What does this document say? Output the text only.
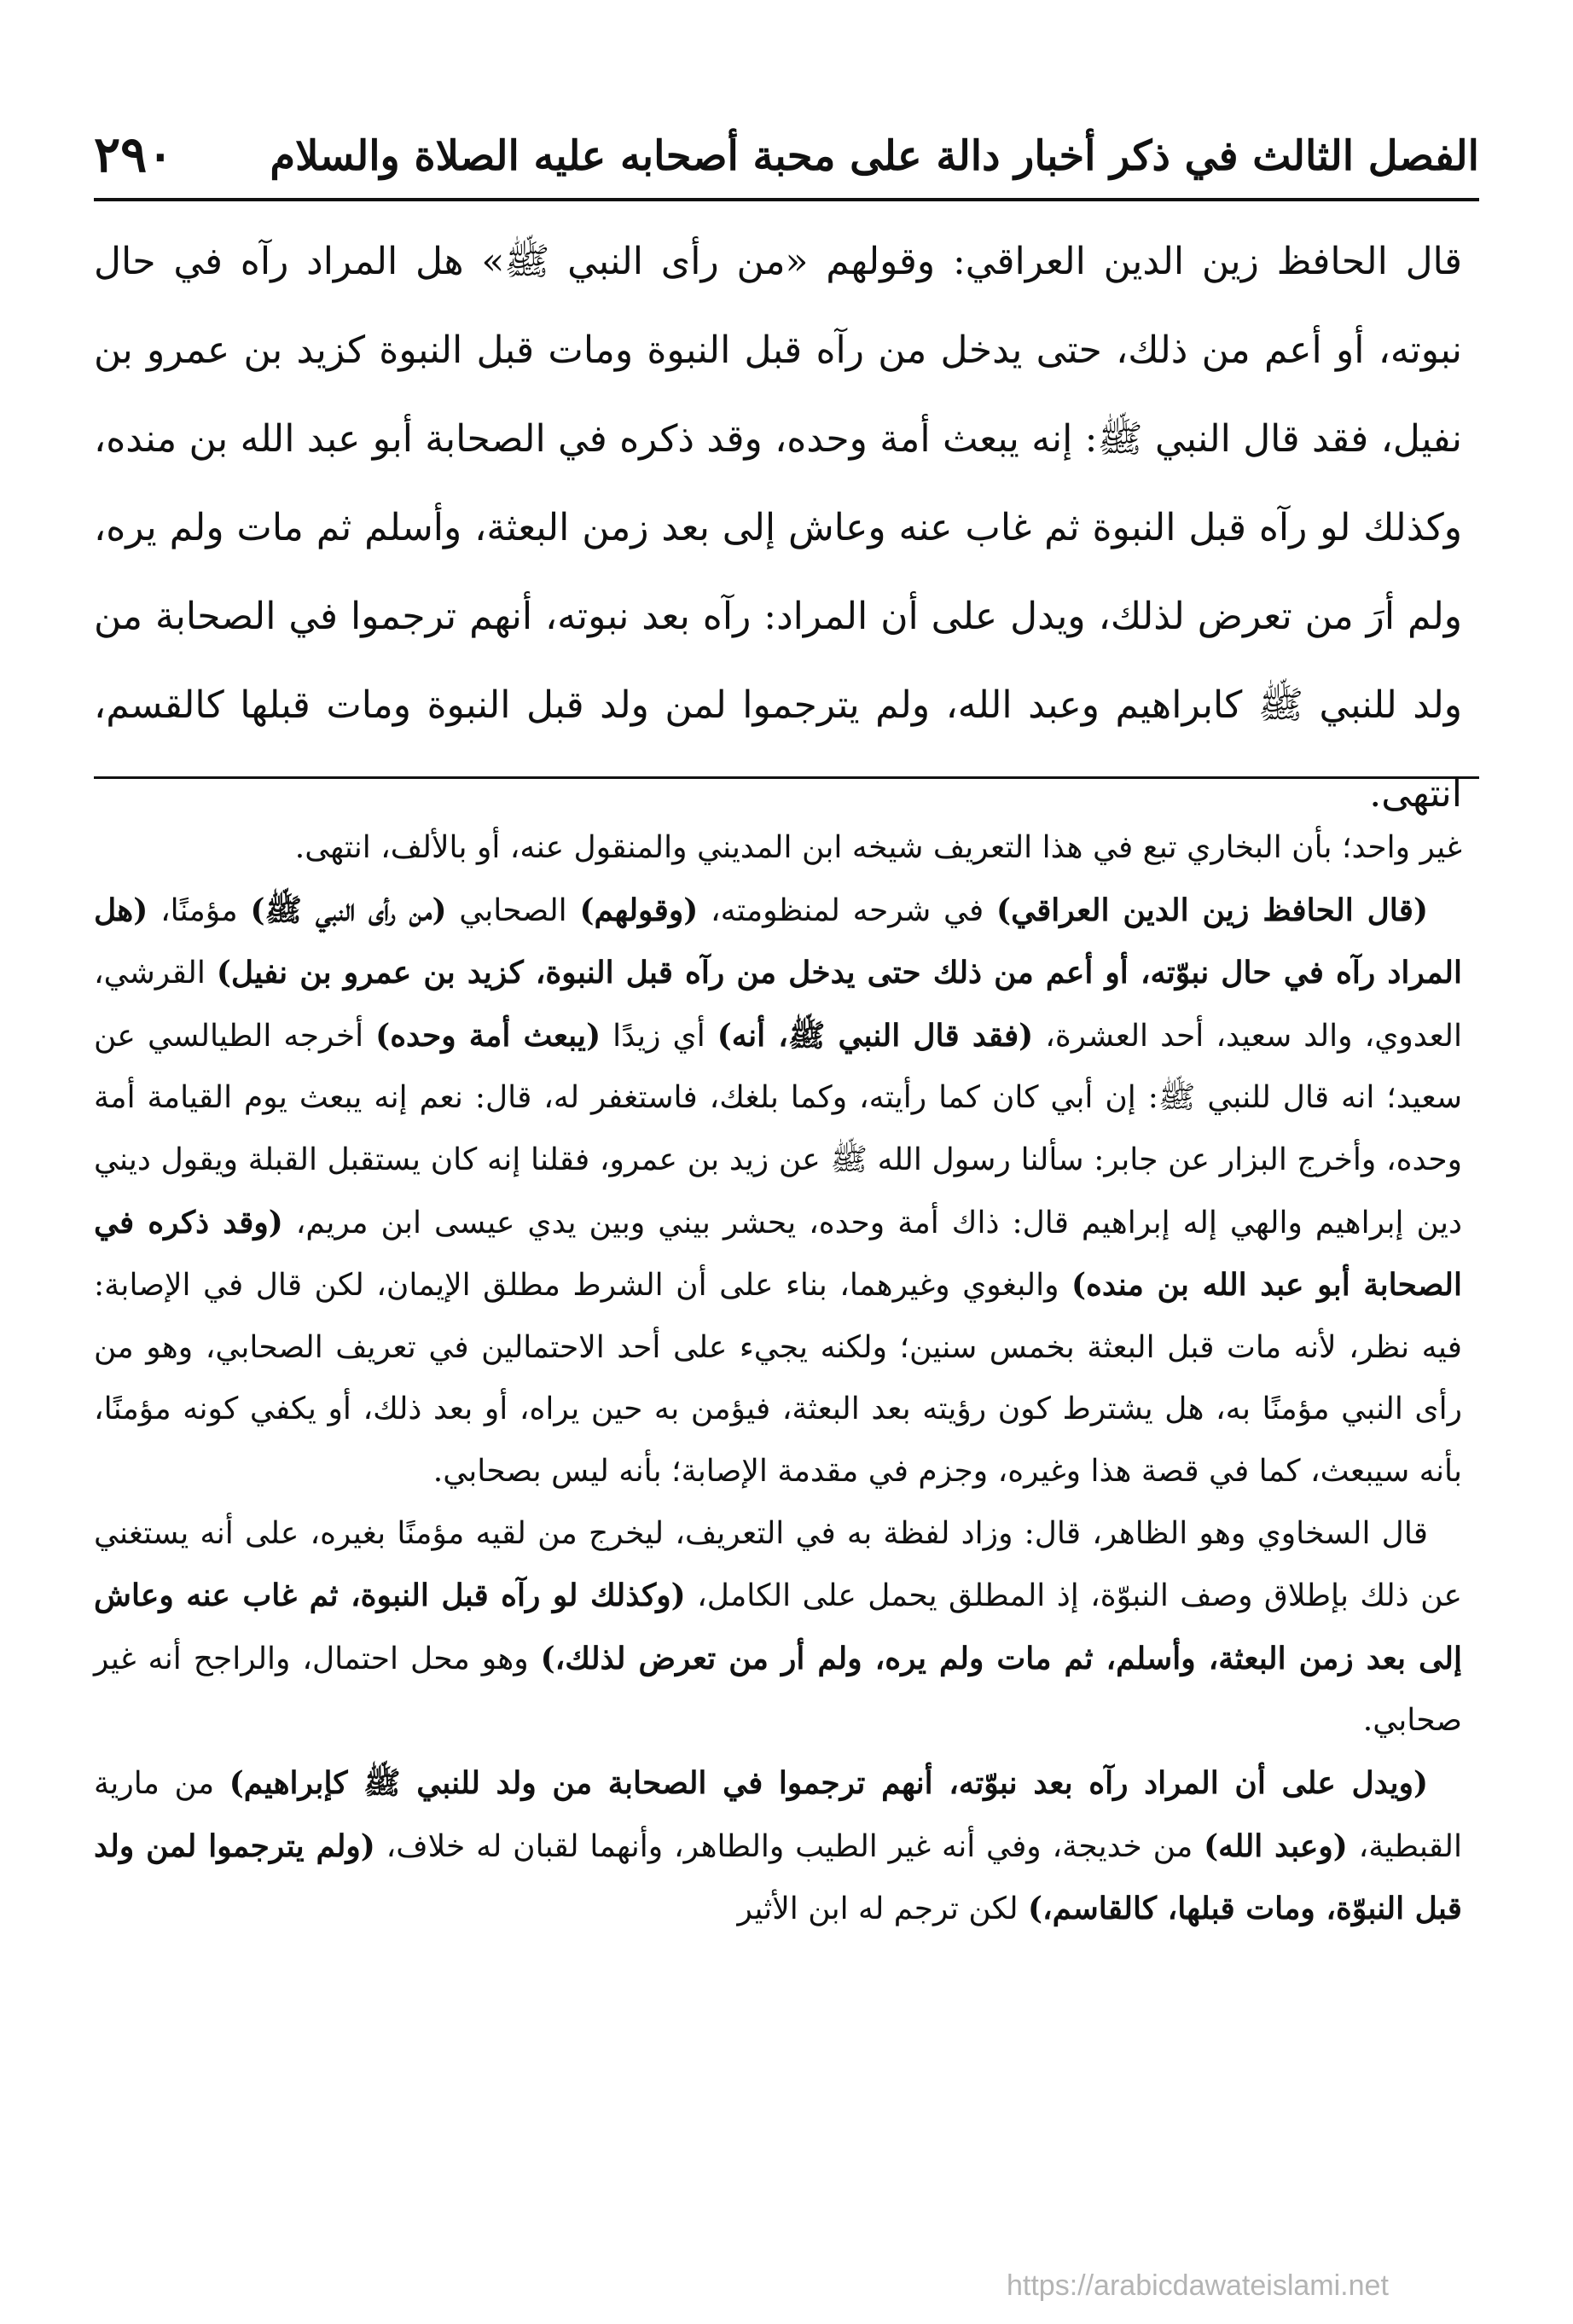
الفصل الثالث في ذكر أخبار دالة على محبة أصحابه عليه الصلاة والسلام
٢٩٠

قال الحافظ زين الدين العراقي: وقولهم «من رأى النبي ﷺ» هل المراد رآه في حال نبوته، أو أعم من ذلك، حتى يدخل من رآه قبل النبوة ومات قبل النبوة كزيد بن عمرو بن نفيل، فقد قال النبي ﷺ: إنه يبعث أمة وحده، وقد ذكره في الصحابة أبو عبد الله بن منده، وكذلك لو رآه قبل النبوة ثم غاب عنه وعاش إلى بعد زمن البعثة، وأسلم ثم مات ولم يره، ولم أرَ من تعرض لذلك، ويدل على أن المراد: رآه بعد نبوته، أنهم ترجموا في الصحابة من ولد للنبي ﷺ كابراهيم وعبد الله، ولم يترجموا لمن ولد قبل النبوة ومات قبلها كالقسم، انتهى.

غير واحد؛ بأن البخاري تبع في هذا التعريف شيخه ابن المديني والمنقول عنه، أو بالألف، انتهى.

(قال الحافظ زين الدين العراقي) في شرحه لمنظومته، (وقولهم) الصحابي (من رأى النبي ﷺ) مؤمنًا، (هل المراد رآه في حال نبوّته، أو أعم من ذلك حتى يدخل من رآه قبل النبوة، كزيد بن عمرو بن نفيل) القرشي، العدوي، والد سعيد، أحد العشرة، (فقد قال النبي ﷺ، أنه) أي زيدًا (يبعث أمة وحده) أخرجه الطيالسي عن سعيد؛ انه قال للنبي ﷺ: إن أبي كان كما رأيته، وكما بلغك، فاستغفر له، قال: نعم إنه يبعث يوم القيامة أمة وحده، وأخرج البزار عن جابر: سألنا رسول الله ﷺ عن زيد بن عمرو، فقلنا إنه كان يستقبل القبلة ويقول ديني دين إبراهيم والهي إله إبراهيم قال: ذاك أمة وحده، يحشر بيني وبين يدي عيسى ابن مريم، (وقد ذكره في الصحابة أبو عبد الله بن منده) والبغوي وغيرهما، بناء على أن الشرط مطلق الإيمان، لكن قال في الإصابة: فيه نظر، لأنه مات قبل البعثة بخمس سنين؛ ولكنه يجيء على أحد الاحتمالين في تعريف الصحابي، وهو من رأى النبي مؤمنًا به، هل يشترط كون رؤيته بعد البعثة، فيؤمن به حين يراه، أو بعد ذلك، أو يكفي كونه مؤمنًا، بأنه سيبعث، كما في قصة هذا وغيره، وجزم في مقدمة الإصابة؛ بأنه ليس بصحابي.

قال السخاوي وهو الظاهر، قال: وزاد لفظة به في التعريف، ليخرج من لقيه مؤمنًا بغيره، على أنه يستغني عن ذلك بإطلاق وصف النبوّة، إذ المطلق يحمل على الكامل، (وكذلك لو رآه قبل النبوة، ثم غاب عنه وعاش إلى بعد زمن البعثة، وأسلم، ثم مات ولم يره، ولم أر من تعرض لذلك،) وهو محل احتمال، والراجح أنه غير صحابي.

(ويدل على أن المراد رآه بعد نبوّته، أنهم ترجموا في الصحابة من ولد للنبي ﷺ كإبراهيم) من مارية القبطية، (وعبد الله) من خديجة، وفي أنه غير الطيب والطاهر، وأنهما لقبان له خلاف، (ولم يترجموا لمن ولد قبل النبوّة، ومات قبلها، كالقاسم،) لكن ترجم له ابن الأثير

https://arabicdawateislami.net
